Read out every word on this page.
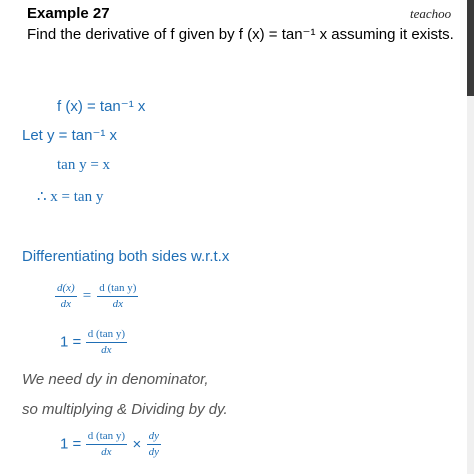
teachoo
Example 27
Find the derivative of f given by f (x) = tan⁻¹ x assuming it exists.
f (x) = tan⁻¹ x
Let y = tan⁻¹ x
tan y = x
∴ x = tan y
Differentiating both sides w.r.t.x
$\frac{d(x)}{dx} = \frac{\text{d (tan y)}}{dx}$
$1 = \frac{\text{d (tan y)}}{dx}$
We need dy in denominator,
so multiplying & Dividing by dy.
$1 = \frac{\text{d (tan y)}}{dx} \times \frac{dy}{dy}$
